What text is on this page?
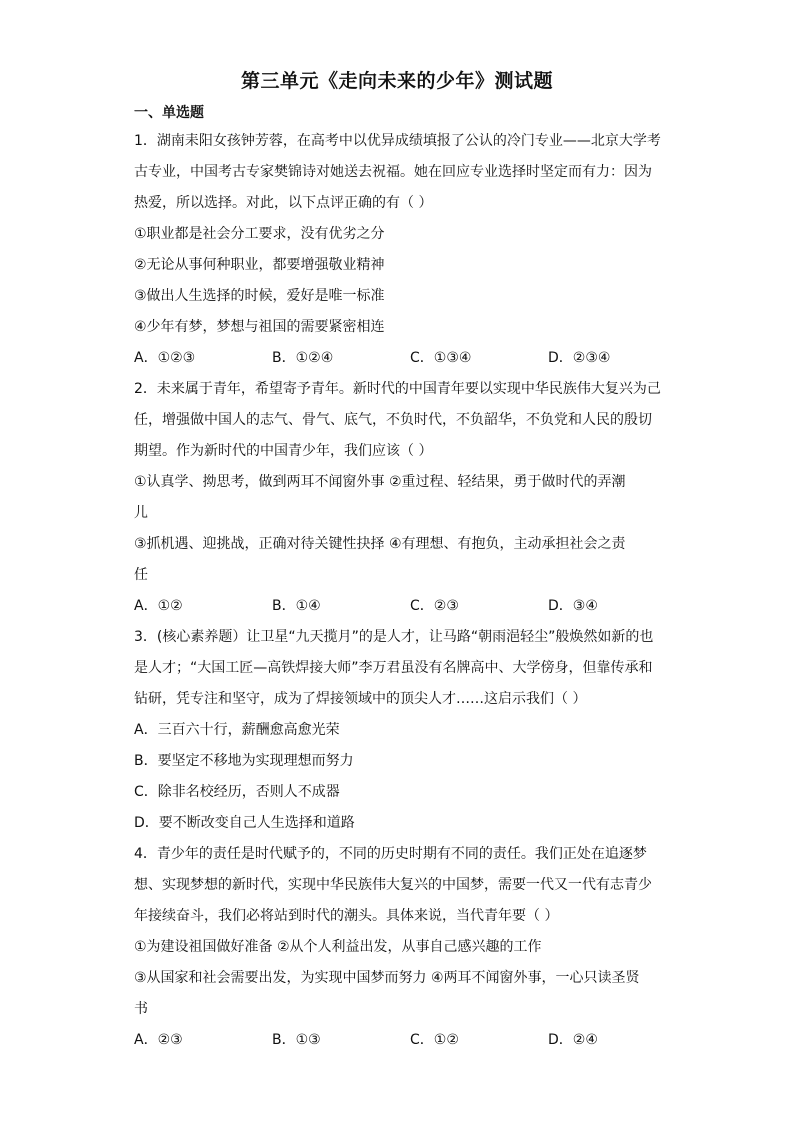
第三单元《走向未来的少年》测试题
一、单选题
1．湖南耒阳女孩钟芳蓉，在高考中以优异成绩填报了公认的冷门专业——北京大学考
古专业，中国考古专家樊锦诗对她送去祝福。她在回应专业选择时坚定而有力：因为
热爱，所以选择。对此，以下点评正确的有（ ）
①职业都是社会分工要求，没有优劣之分
②无论从事何种职业，都要增强敬业精神
③做出人生选择的时候，爱好是唯一标准
④少年有梦，梦想与祖国的需要紧密相连
A．①②③	B．①②④	C．①③④	D．②③④
2．未来属于青年，希望寄予青年。新时代的中国青年要以实现中华民族伟大复兴为己
任，增强做中国人的志气、骨气、底气，不负时代，不负韶华，不负党和人民的殷切
期望。作为新时代的中国青少年，我们应该（ ）
①认真学、拗思考，做到两耳不闻窗外事 ②重过程、轻结果，勇于做时代的弄潮
儿
③抓机遇、迎挑战，正确对待关键性抉择 ④有理想、有抱负，主动承担社会之责
任
A．①②	B．①④	C．②③	D．③④
3．(核心素养题）让卫星“九天揽月”的是人才，让马路“朝雨浥轻尘”般焕然如新的也
是人才；“大国工匠—高铁焊接大师”李万君虽没有名牌高中、大学傍身，但靠传承和
钻研，凭专注和坚守，成为了焊接领域中的顶尖人才……这启示我们（ ）
A．三百六十行，薪酬愈高愈光荣
B．要坚定不移地为实现理想而努力
C．除非名校经历，否则人不成器
D．要不断改变自己人生选择和道路
4．青少年的责任是时代赋予的，不同的历史时期有不同的责任。我们正处在追逐梦
想、实现梦想的新时代，实现中华民族伟大复兴的中国梦，需要一代又一代有志青少
年接续奋斗，我们必将站到时代的潮头。具体来说，当代青年要（ ）
①为建设祖国做好准备 ②从个人利益出发，从事自己感兴趣的工作
③从国家和社会需要出发，为实现中国梦而努力 ④两耳不闻窗外事，一心只读圣贤
书
A．②③	B．①③	C．①②	D．②④
